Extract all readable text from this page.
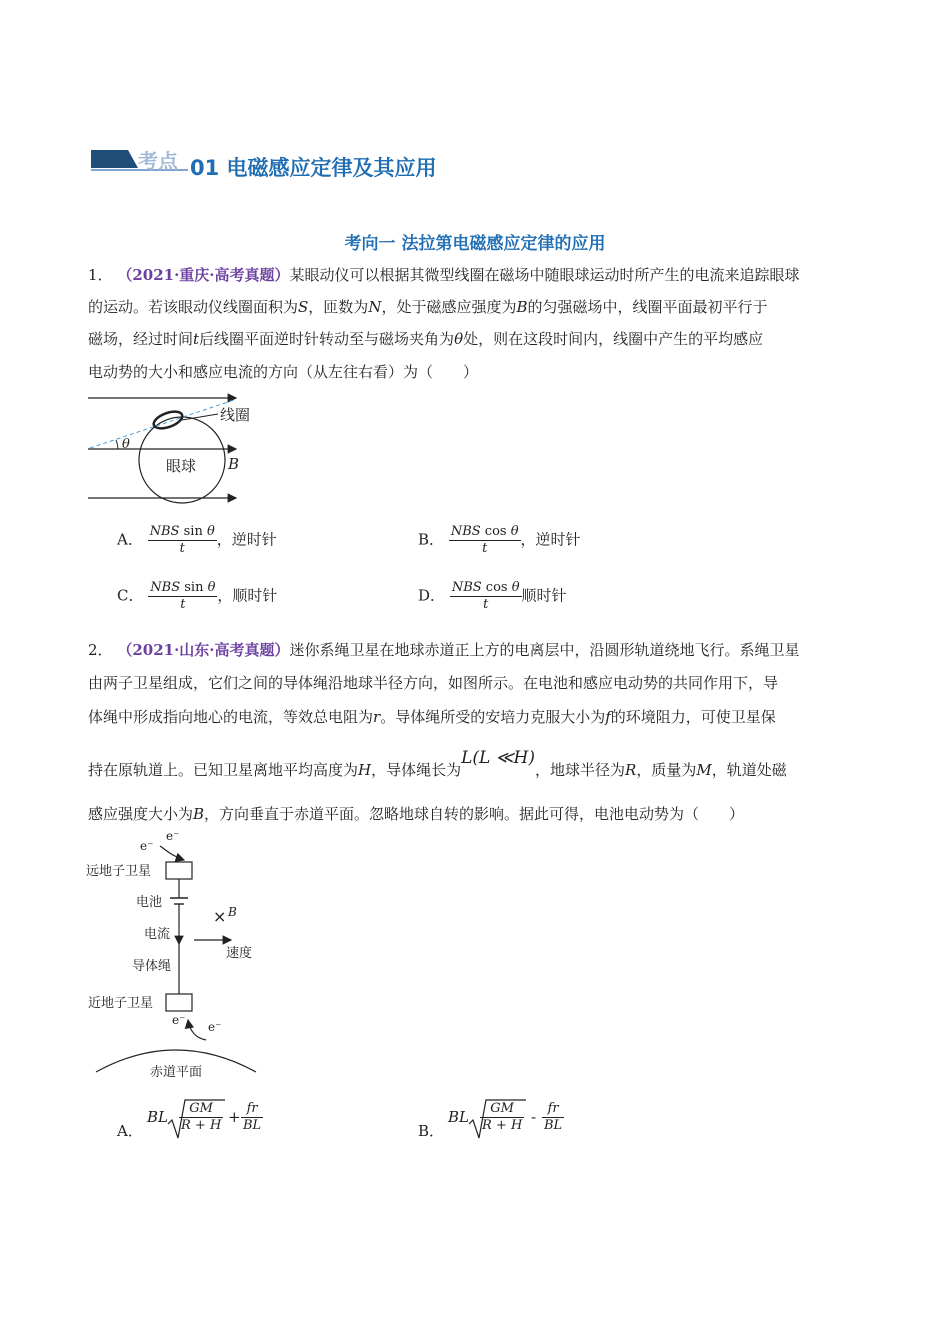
考点 01 电磁感应定律及其应用
考向一 法拉第电磁感应定律的应用
1． （2021·重庆·高考真题）某眼动仪可以根据其微型线圈在磁场中随眼球运动时所产生的电流来追踪眼球
的运动。若该眼动仪线圈面积为S，匝数为N，处于磁感应强度为B的匀强磁场中，线圈平面最初平行于
磁场，经过时间t后线圈平面逆时针转动至与磁场夹角为θ处，则在这段时间内，线圈中产生的平均感应
电动势的大小和感应电流的方向（从左往右看）为（　　）
线圈
眼球 B
θ
A． $\frac{\text{NBS sin θ}}{t}$ ，逆时针	B． $\frac{\text{NBS cos θ}}{t}$ ，逆时针
C． $\frac{\text{NBS sin θ}}{t}$ ，顺时针	D． $\frac{\text{NBS cos θ}}{t}$ 顺时针
2． （2021·山东·高考真题）迷你系绳卫星在地球赤道正上方的电离层中，沿圆形轨道绕地飞行。系绳卫星
由两子卫星组成，它们之间的导体绳沿地球半径方向，如图所示。在电池和感应电动势的共同作用下，导
体绳中形成指向地心的电流，等效总电阻为r。导体绳所受的安培力克服大小为f的环境阻力，可使卫星保
持在原轨道上。已知卫星离地平均高度为H，导体绳长为L(L ≪H)，地球半径为R，质量为M，轨道处磁
感应强度大小为B，方向垂直于赤道平面。忽略地球自转的影响。据此可得，电池电动势为（　　）
e⁻
e⁻
远地子卫星
电池
电流
导体绳
× B
速度
近地子卫星
e⁻ e⁻
赤道平面
A．
BL $\frac{GM}{R + H} + \frac{fr}{BL}$	B．
BL $\frac{GM}{R + H} - \frac{fr}{BL}$
